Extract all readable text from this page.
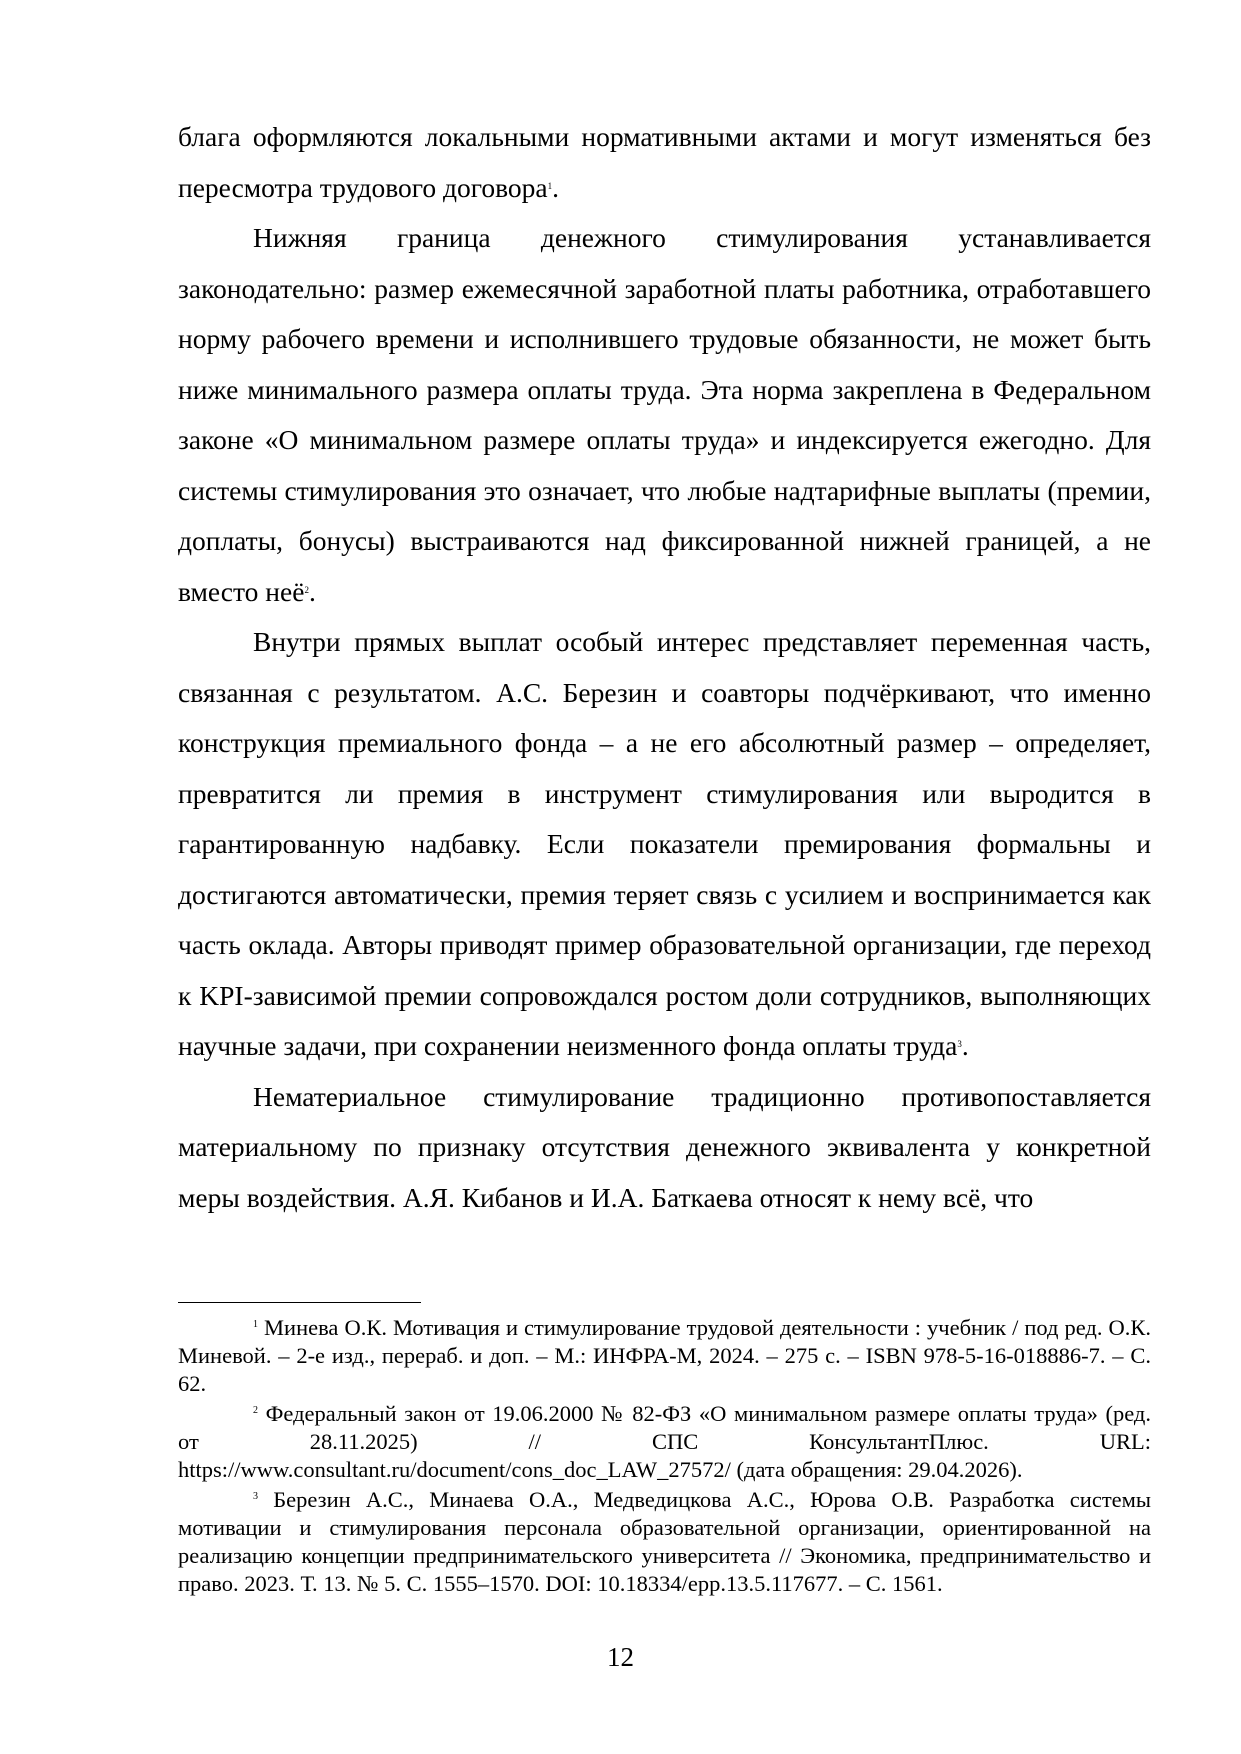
блага оформляются локальными нормативными актами и могут изменяться без пересмотра трудового договора$^1$.

Нижняя граница денежного стимулирования устанавливается законодательно: размер ежемесячной заработной платы работника, отработавшего норму рабочего времени и исполнившего трудовые обязанности, не может быть ниже минимального размера оплаты труда. Эта норма закреплена в Федеральном законе «О минимальном размере оплаты труда» и индексируется ежегодно. Для системы стимулирования это означает, что любые надтарифные выплаты (премии, доплаты, бонусы) выстраиваются над фиксированной нижней границей, а не вместо неё$^2$.

Внутри прямых выплат особый интерес представляет переменная часть, связанная с результатом. А.С. Березин и соавторы подчёркивают, что именно конструкция премиального фонда – а не его абсолютный размер – определяет, превратится ли премия в инструмент стимулирования или выродится в гарантированную надбавку. Если показатели премирования формальны и достигаются автоматически, премия теряет связь с усилием и воспринимается как часть оклада. Авторы приводят пример образовательной организации, где переход к KPI-зависимой премии сопровождался ростом доли сотрудников, выполняющих научные задачи, при сохранении неизменного фонда оплаты труда$^3$.

Нематериальное стимулирование традиционно противопоставляется материальному по признаку отсутствия денежного эквивалента у конкретной меры воздействия. А.Я. Кибанов и И.А. Баткаева относят к нему всё, что

$^1$ Минева О.К. Мотивация и стимулирование трудовой деятельности : учебник / под ред. О.К. Миневой. – 2-е изд., перераб. и доп. – М.: ИНФРА-М, 2024. – 275 с. – ISBN 978-5-16-018886-7. – С. 62.

$^2$ Федеральный закон от 19.06.2000 № 82-ФЗ «О минимальном размере оплаты труда» (ред. от 28.11.2025) // СПС КонсультантПлюс. URL: https://www.consultant.ru/document/cons_doc_LAW_27572/ (дата обращения: 29.04.2026).

$^3$ Березин А.С., Минаева О.А., Медведицкова А.С., Юрова О.В. Разработка системы мотивации и стимулирования персонала образовательной организации, ориентированной на реализацию концепции предпринимательского университета // Экономика, предпринимательство и право. 2023. Т. 13. № 5. С. 1555–1570. DOI: 10.18334/epp.13.5.117677. – С. 1561.

12
